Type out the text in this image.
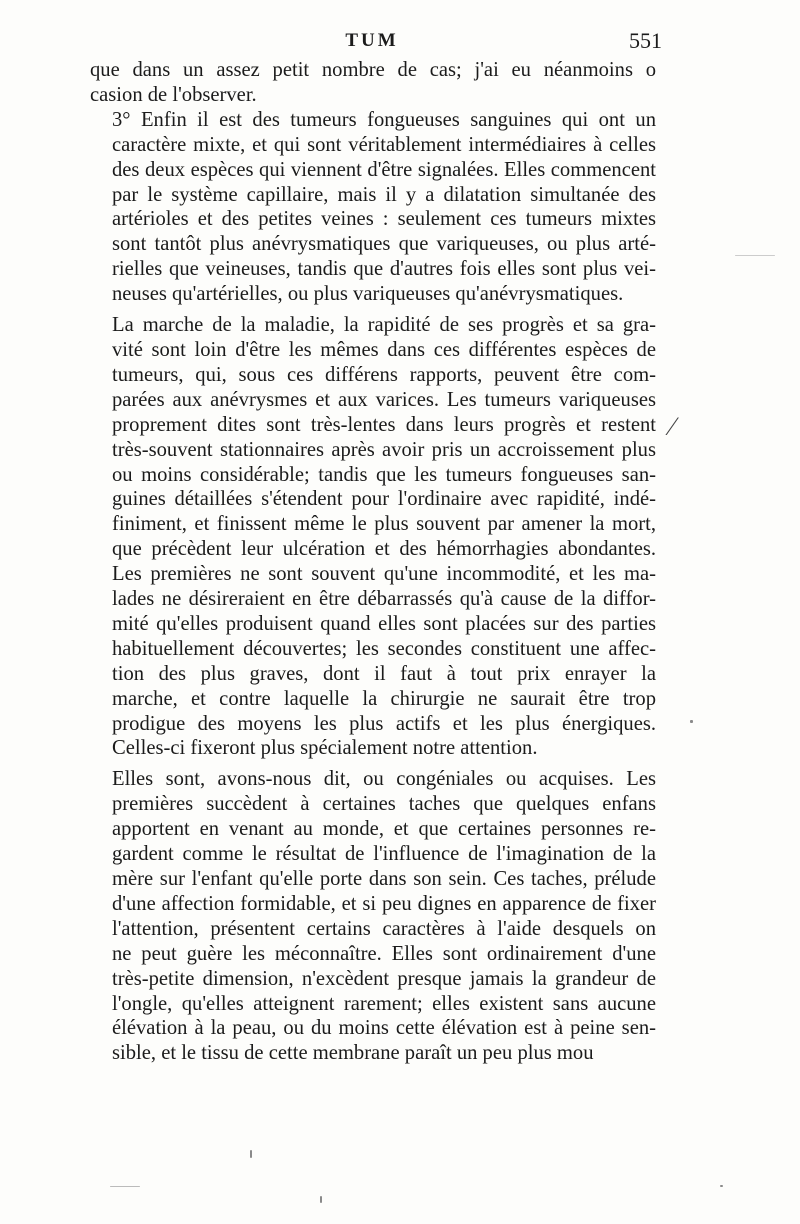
TUM	551

que dans un assez petit nombre de cas; j'ai eu néanmoins o
casion de l'observer.

3° Enfin il est des tumeurs fongueuses sanguines qui ont un
caractère mixte, et qui sont véritablement intermédiaires à celles
des deux espèces qui viennent d'être signalées. Elles commencent
par le système capillaire, mais il y a dilatation simultanée des
artérioles et des petites veines : seulement ces tumeurs mixtes
sont tantôt plus anévrysmatiques que variqueuses, ou plus arté-
rielles que veineuses, tandis que d'autres fois elles sont plus vei-
neuses qu'artérielles, ou plus variqueuses qu'anévrysmatiques.

La marche de la maladie, la rapidité de ses progrès et sa gra-
vité sont loin d'être les mêmes dans ces différentes espèces de
tumeurs, qui, sous ces différens rapports, peuvent être com-
parées aux anévrysmes et aux varices. Les tumeurs variqueuses
proprement dites sont très-lentes dans leurs progrès et restent
très-souvent stationnaires après avoir pris un accroissement plus
ou moins considérable; tandis que les tumeurs fongueuses san-
guines détaillées s'étendent pour l'ordinaire avec rapidité, indé-
finiment, et finissent même le plus souvent par amener la mort,
que précèdent leur ulcération et des hémorrhagies abondantes.
Les premières ne sont souvent qu'une incommodité, et les ma-
lades ne désireraient en être débarrassés qu'à cause de la diffor-
mité qu'elles produisent quand elles sont placées sur des parties
habituellement découvertes; les secondes constituent une affec-
tion des plus graves, dont il faut à tout prix enrayer la
marche, et contre laquelle la chirurgie ne saurait être trop
prodigue des moyens les plus actifs et les plus énergiques.
Celles-ci fixeront plus spécialement notre attention.

Elles sont, avons-nous dit, ou congéniales ou acquises. Les
premières succèdent à certaines taches que quelques enfans
apportent en venant au monde, et que certaines personnes re-
gardent comme le résultat de l'influence de l'imagination de la
mère sur l'enfant qu'elle porte dans son sein. Ces taches, prélude
d'une affection formidable, et si peu dignes en apparence de fixer
l'attention, présentent certains caractères à l'aide desquels on
ne peut guère les méconnaître. Elles sont ordinairement d'une
très-petite dimension, n'excèdent presque jamais la grandeur de
l'ongle, qu'elles atteignent rarement; elles existent sans aucune
élévation à la peau, ou du moins cette élévation est à peine sen-
sible, et le tissu de cette membrane paraît un peu plus mou

⁄
